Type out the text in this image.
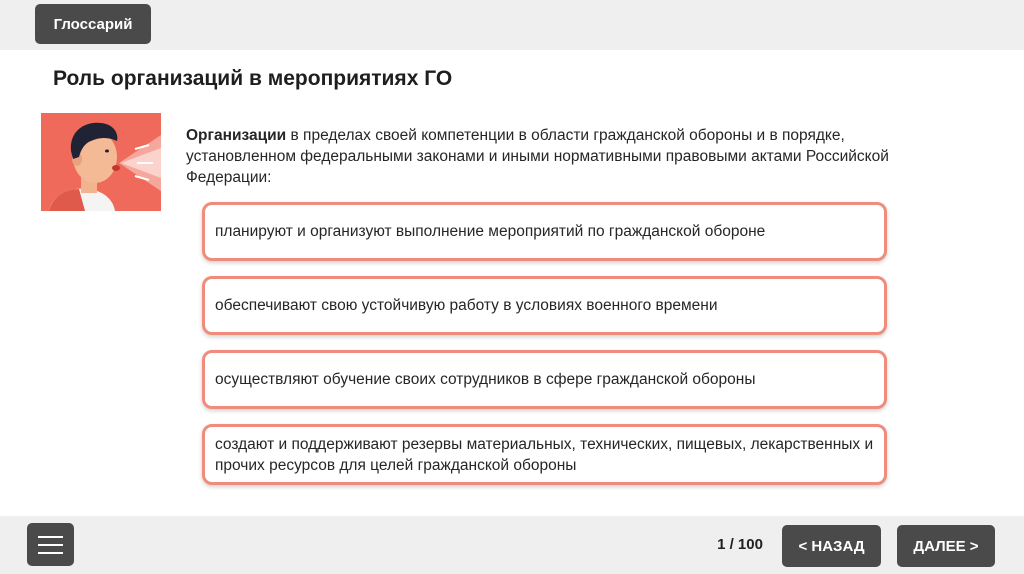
Глоссарий
Роль организаций в мероприятиях ГО
Организации в пределах своей компетенции в области гражданской обороны и в порядке, установленном федеральными законами и иными нормативными правовыми актами Российской Федерации:
планируют и организуют выполнение мероприятий по гражданской обороне
обеспечивают свою устойчивую работу в условиях военного времени
осуществляют обучение своих сотрудников в сфере гражданской обороны
создают и поддерживают резервы материальных, технических, пищевых, лекарственных и прочих ресурсов для целей гражданской обороны
1 / 100	< НАЗАД	ДАЛЕЕ >
